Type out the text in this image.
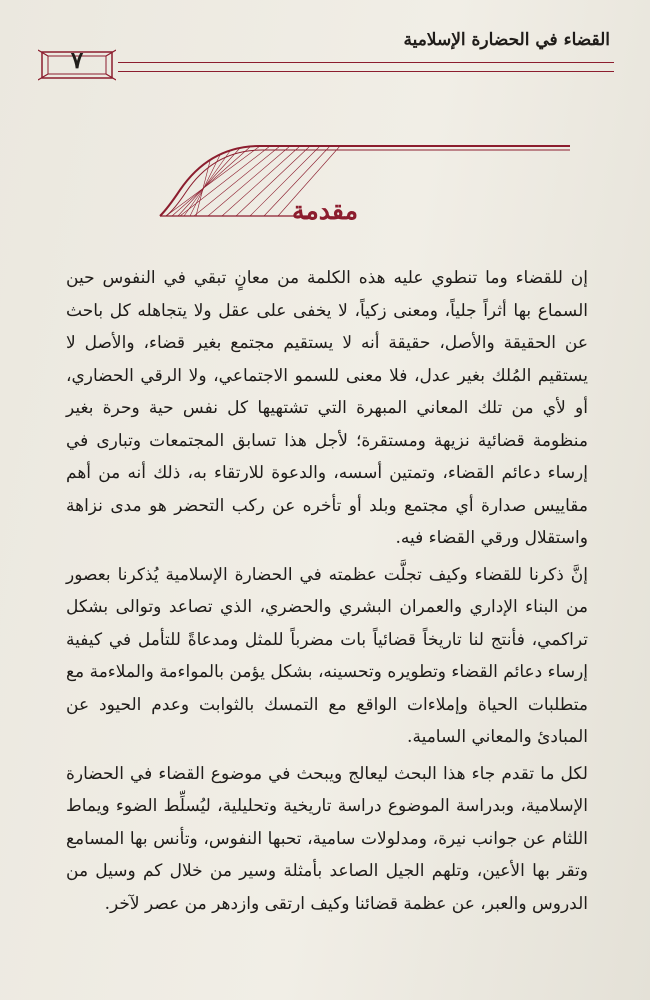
القضاء في الحضارة الإسلامية
٧
مقدمة

إن للقضاء وما تنطوي عليه هذه الكلمة من معانٍ تبقي في النفوس حين السماع بها أثراً جلياً، ومعنى زكياً، لا يخفى على عقل ولا يتجاهله كل باحث عن الحقيقة والأصل، حقيقة أنه لا يستقيم مجتمع بغير قضاء، والأصل لا يستقيم المُلك بغير عدل، فلا معنى للسمو الاجتماعي، ولا الرقي الحضاري، أو لأي من تلك المعاني المبهرة التي تشتهيها كل نفس حية وحرة بغير منظومة قضائية نزيهة ومستقرة؛ لأجل هذا تسابق المجتمعات وتبارى في إرساء دعائم القضاء، وتمتين أسسه، والدعوة للارتقاء به، ذلك أنه من أهم مقاييس صدارة أي مجتمع وبلد أو تأخره عن ركب التحضر هو مدى نزاهة واستقلال ورقي القضاء فيه.

إنَّ ذكرنا للقضاء وكيف تجلَّت عظمته في الحضارة الإسلامية يُذكرنا بعصور من البناء الإداري والعمران البشري والحضري، الذي تصاعد وتوالى بشكل تراكمي، فأنتج لنا تاريخاً قضائياً بات مضرباً للمثل ومدعاةً للتأمل في كيفية إرساء دعائم القضاء وتطويره وتحسينه، بشكل يؤمن بالمواءمة والملاءمة مع متطلبات الحياة وإملاءات الواقع مع التمسك بالثوابت وعدم الحيود عن المبادئ والمعاني السامية.

لكل ما تقدم جاء هذا البحث ليعالج ويبحث في موضوع القضاء في الحضارة الإسلامية، وبدراسة الموضوع دراسة تاريخية وتحليلية، ليُسلِّط الضوء ويماط اللثام عن جوانب نيرة، ومدلولات سامية، تحبها النفوس، وتأنس بها المسامع وتقر بها الأعين، وتلهم الجيل الصاعد بأمثلة وسير من خلال كم وسيل من الدروس والعبر، عن عظمة قضائنا وكيف ارتقى وازدهر من عصر لآخر.
